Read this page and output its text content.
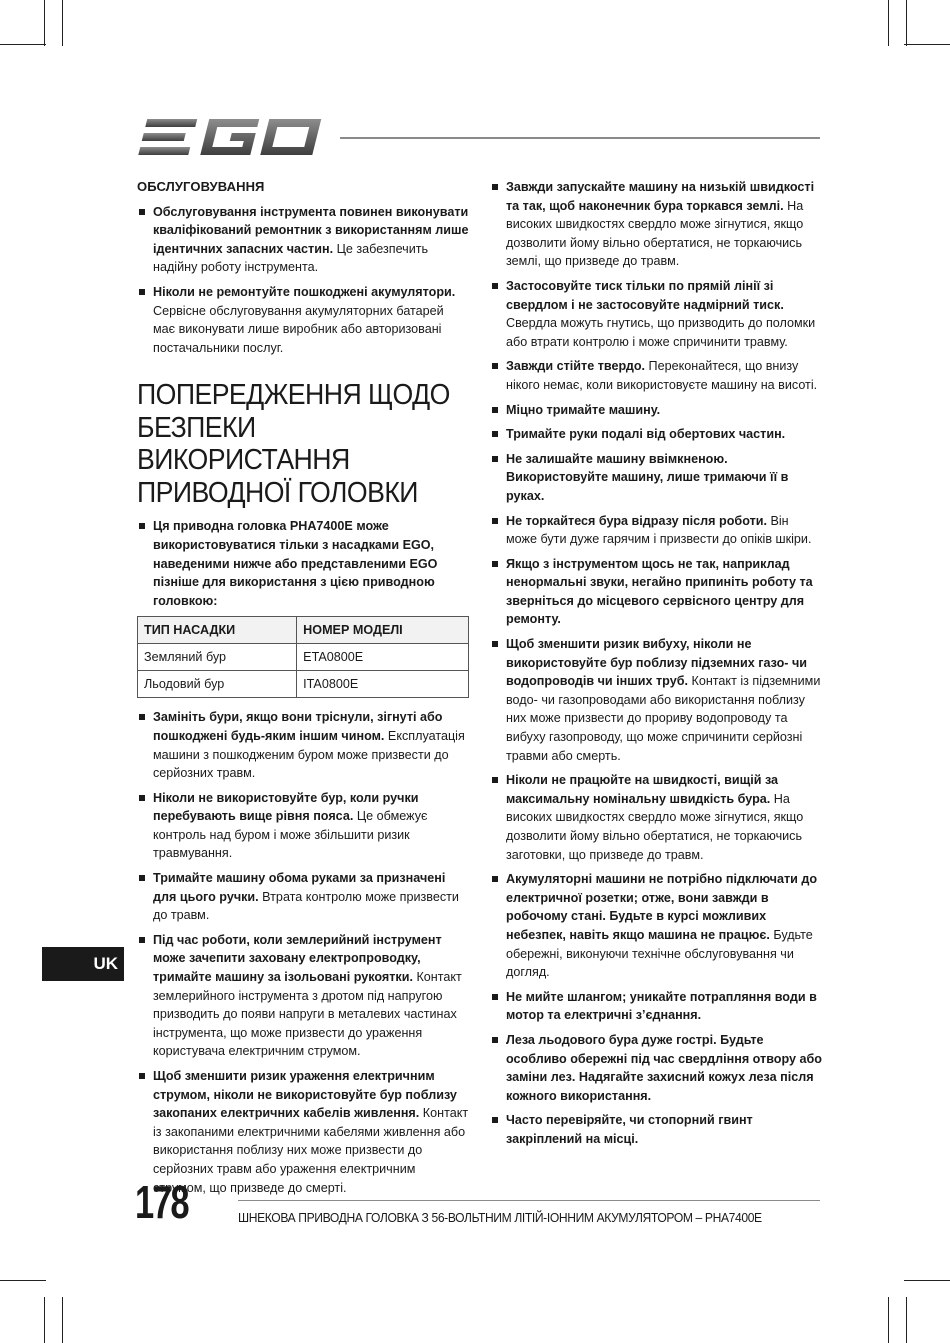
ОБСЛУГОВУВАННЯ
Обслуговування інструмента повинен виконувати кваліфікований ремонтник з використанням лише ідентичних запасних частин. Це забезпечить надійну роботу інструмента.
Ніколи не ремонтуйте пошкоджені акумулятори. Сервісне обслуговування акумуляторних батарей має виконувати лише виробник або авторизовані постачальники послуг.
ПОПЕРЕДЖЕННЯ ЩОДО БЕЗПЕКИ ВИКОРИСТАННЯ ПРИВОДНОЇ ГОЛОВКИ
Ця приводна головка PHA7400E може використовуватися тільки з насадками EGO, наведеними нижче або представленими EGO пізніше для використання з цією приводною головкою:
ТИП НАСАДКИ	НОМЕР МОДЕЛІ
Земляний бур	ETA0800E
Льодовий бур	ITA0800E
Замініть бури, якщо вони тріснули, зігнуті або пошкоджені будь-яким іншим чином. Експлуатація машини з пошкодженим буром може призвести до серйозних травм.
Ніколи не використовуйте бур, коли ручки перебувають вище рівня пояса. Це обмежує контроль над буром і може збільшити ризик травмування.
Тримайте машину обома руками за призначені для цього ручки. Втрата контролю може призвести до травм.
Під час роботи, коли землерийний інструмент може зачепити заховану електропроводку, тримайте машину за ізольовані рукоятки. Контакт землерийного інструмента з дротом під напругою призводить до появи напруги в металевих частинах інструмента, що може призвести до ураження користувача електричним струмом.
Щоб зменшити ризик ураження електричним струмом, ніколи не використовуйте бур поблизу закопаних електричних кабелів живлення. Контакт із закопаними електричними кабелями живлення або використання поблизу них може призвести до серйозних травм або ураження електричним струмом, що призведе до смерті.
Завжди запускайте машину на низькій швидкості та так, щоб наконечник бура торкався землі. На високих швидкостях свердло може зігнутися, якщо дозволити йому вільно обертатися, не торкаючись землі, що призведе до травм.
Застосовуйте тиск тільки по прямій лінії зі свердлом і не застосовуйте надмірний тиск. Свердла можуть гнутись, що призводить до поломки або втрати контролю і може спричинити травму.
Завжди стійте твердо. Переконайтеся, що внизу нікого немає, коли використовуєте машину на висоті.
Міцно тримайте машину.
Тримайте руки подалі від обертових частин.
Не залишайте машину ввімкненою. Використовуйте машину, лише тримаючи її в руках.
Не торкайтеся бура відразу після роботи. Він може бути дуже гарячим і призвести до опіків шкіри.
Якщо з інструментом щось не так, наприклад ненормальні звуки, негайно припиніть роботу та зверніться до місцевого сервісного центру для ремонту.
Щоб зменшити ризик вибуху, ніколи не використовуйте бур поблизу підземних газо- чи водопроводів чи інших труб. Контакт із підземними водо- чи газопроводами або використання поблизу них може призвести до прориву водопроводу та вибуху газопроводу, що може спричинити серйозні травми або смерть.
Ніколи не працюйте на швидкості, вищій за максимальну номінальну швидкість бура. На високих швидкостях свердло може зігнутися, якщо дозволити йому вільно обертатися, не торкаючись заготовки, що призведе до травм.
Акумуляторні машини не потрібно підключати до електричної розетки; отже, вони завжди в робочому стані. Будьте в курсі можливих небезпек, навіть якщо машина не працює. Будьте обережні, виконуючи технічне обслуговування чи догляд.
Не мийте шлангом; уникайте потрапляння води в мотор та електричні з’єднання.
Леза льодового бура дуже гострі. Будьте особливо обережні під час свердління отвору або заміни лез. Надягайте захисний кожух леза після кожного використання.
Часто перевіряйте, чи стопорний гвинт закріплений на місці.
UK
178	ШНЕКОВА ПРИВОДНА ГОЛОВКА З 56-ВОЛЬТНИМ ЛІТІЙ-ІОННИМ АКУМУЛЯТОРОМ – PHA7400E
